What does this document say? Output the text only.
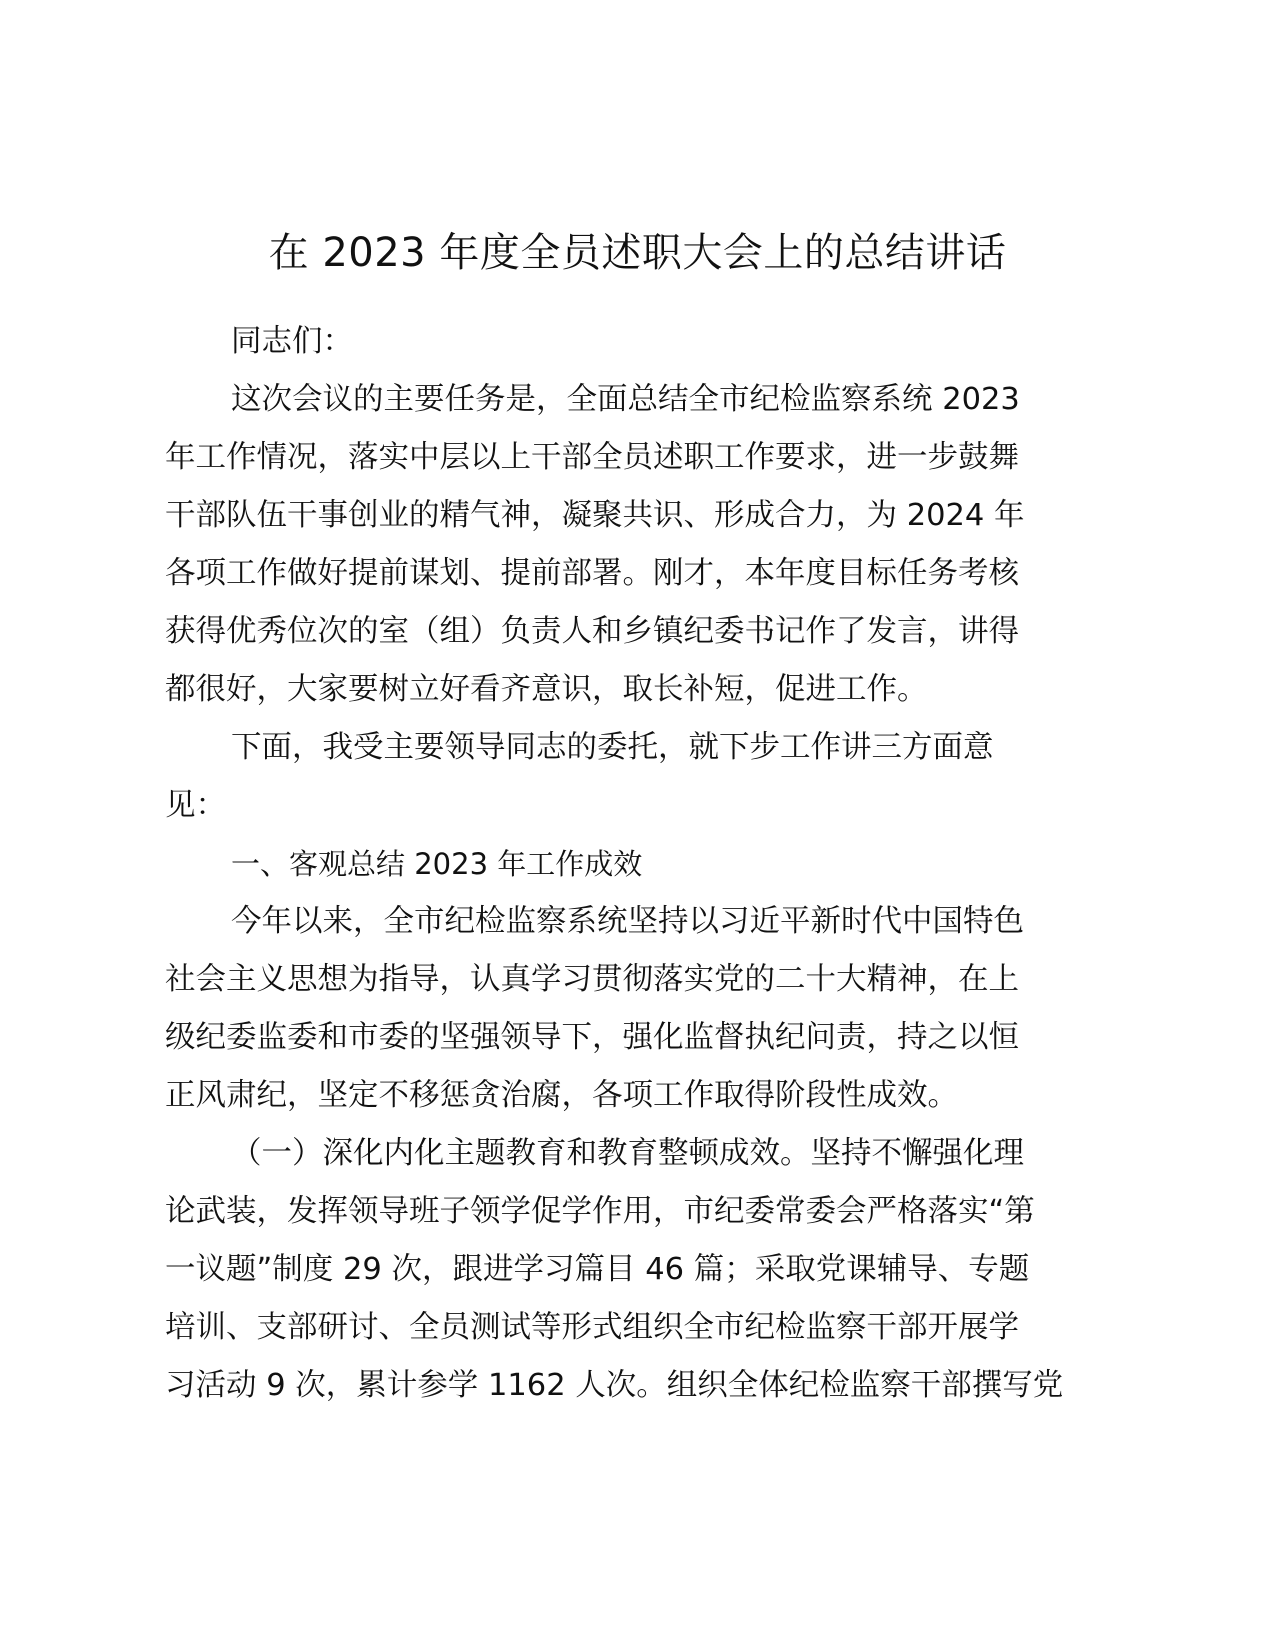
在 2023 年度全员述职大会上的总结讲话
同志们：
这次会议的主要任务是，全面总结全市纪检监察系统 2023
年工作情况，落实中层以上干部全员述职工作要求，进一步鼓舞
干部队伍干事创业的精气神，凝聚共识、形成合力，为 2024 年
各项工作做好提前谋划、提前部署。刚才，本年度目标任务考核
获得优秀位次的室（组）负责人和乡镇纪委书记作了发言，讲得
都很好，大家要树立好看齐意识，取长补短，促进工作。
下面，我受主要领导同志的委托，就下步工作讲三方面意
见：
一、客观总结 2023 年工作成效
今年以来，全市纪检监察系统坚持以习近平新时代中国特色
社会主义思想为指导，认真学习贯彻落实党的二十大精神，在上
级纪委监委和市委的坚强领导下，强化监督执纪问责，持之以恒
正风肃纪，坚定不移惩贪治腐，各项工作取得阶段性成效。
（一）深化内化主题教育和教育整顿成效。坚持不懈强化理
论武装，发挥领导班子领学促学作用，市纪委常委会严格落实“第
一议题”制度 29 次，跟进学习篇目 46 篇；采取党课辅导、专题
培训、支部研讨、全员测试等形式组织全市纪检监察干部开展学
习活动 9 次，累计参学 1162 人次。组织全体纪检监察干部撰写党
